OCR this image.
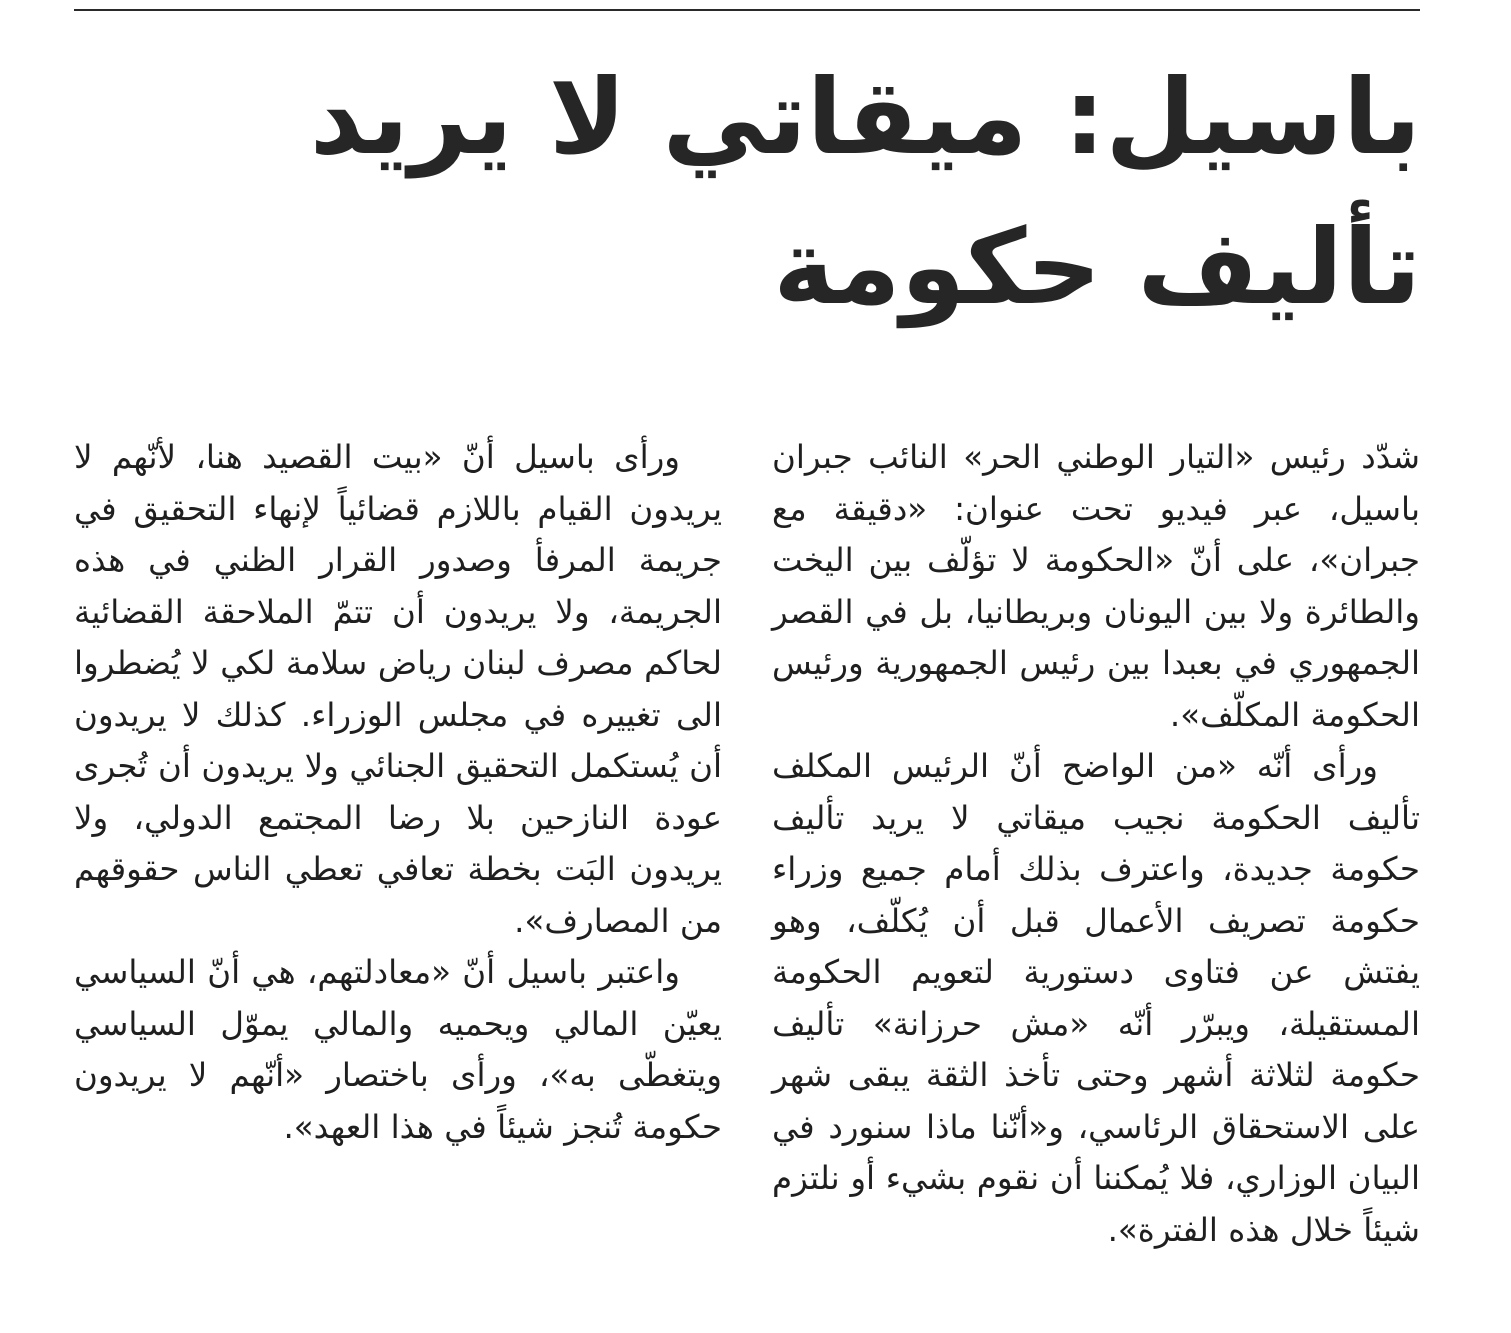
باسيل: ميقاتي لا يريد تأليف حكومة

شدّد رئيس «التيار الوطني الحر» النائب جبران باسيل، عبر فيديو تحت عنوان: «دقيقة مع جبران»، على أنّ «الحكومة لا تؤلّف بين اليخت والطائرة ولا بين اليونان وبريطانيا، بل في القصر الجمهوري في بعبدا بين رئيس الجمهورية ورئيس الحكومة المكلّف».

ورأى أنّه «من الواضح أنّ الرئيس المكلف تأليف الحكومة نجيب ميقاتي لا يريد تأليف حكومة جديدة، واعترف بذلك أمام جميع وزراء حكومة تصريف الأعمال قبل أن يُكلّف، وهو يفتش عن فتاوى دستورية لتعويم الحكومة المستقيلة، ويبرّر أنّه «مش حرزانة» تأليف حكومة لثلاثة أشهر وحتى تأخذ الثقة يبقى شهر على الاستحقاق الرئاسي، و«أنّنا ماذا سنورد في البيان الوزاري، فلا يُمكننا أن نقوم بشيء أو نلتزم شيئاً خلال هذه الفترة».

ورأى باسيل أنّ «بيت القصيد هنا، لأنّهم لا يريدون القيام باللازم قضائياً لإنهاء التحقيق في جريمة المرفأ وصدور القرار الظني في هذه الجريمة، ولا يريدون أن تتمّ الملاحقة القضائية لحاكم مصرف لبنان رياض سلامة لكي لا يُضطروا الى تغييره في مجلس الوزراء. كذلك لا يريدون أن يُستكمل التحقيق الجنائي ولا يريدون أن تُجرى عودة النازحين بلا رضا المجتمع الدولي، ولا يريدون البَت بخطة تعافي تعطي الناس حقوقهم من المصارف».

واعتبر باسيل أنّ «معادلتهم، هي أنّ السياسي يعيّن المالي ويحميه والمالي يموّل السياسي ويتغطّى به»، ورأى باختصار «أنّهم لا يريدون حكومة تُنجز شيئاً في هذا العهد».
